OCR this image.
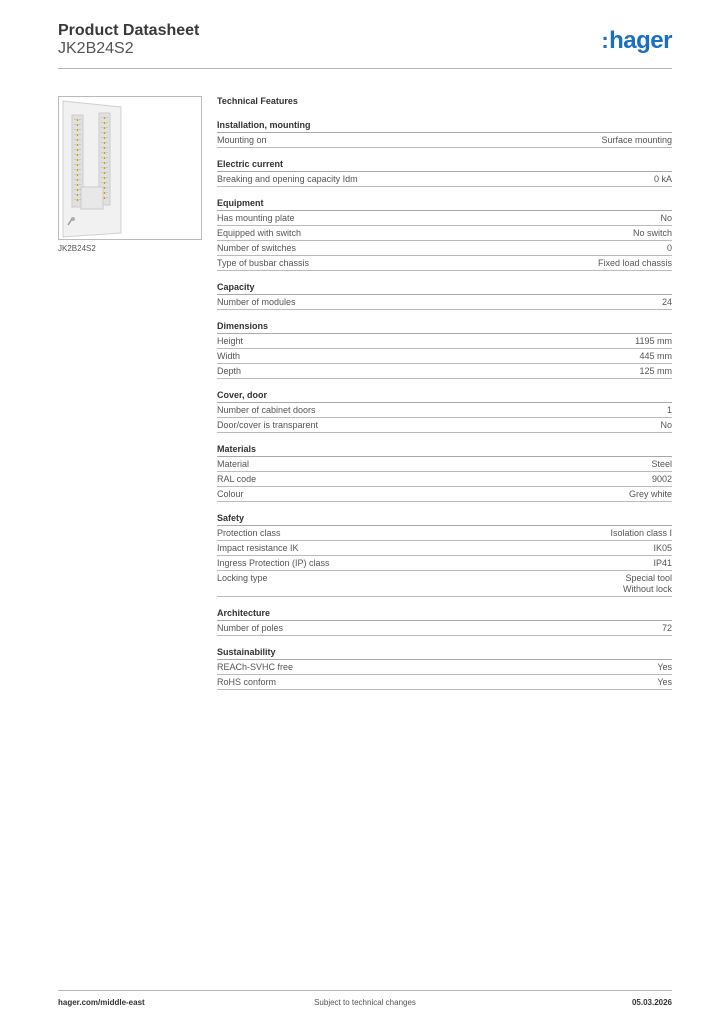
Product Datasheet
JK2B24S2	:hager
JK2B24S2
Technical Features
Installation, mounting
Mounting on	Surface mounting
Electric current
Breaking and opening capacity Idm	0 kA
Equipment
Has mounting plate	No
Equipped with switch	No switch
Number of switches	0
Type of busbar chassis	Fixed load chassis
Capacity
Number of modules	24
Dimensions
Height	1195 mm
Width	445 mm
Depth	125 mm
Cover, door
Number of cabinet doors	1
Door/cover is transparent	No
Materials
Material	Steel
RAL code	9002
Colour	Grey white
Safety
Protection class	Isolation class I
Impact resistance IK	IK05
Ingress Protection (IP) class	IP41
Locking type	Special tool
Without lock
Architecture
Number of poles	72
Sustainability
REACh-SVHC free	Yes
RoHS conform	Yes
hager.com/middle-east	Subject to technical changes	05.03.2026
